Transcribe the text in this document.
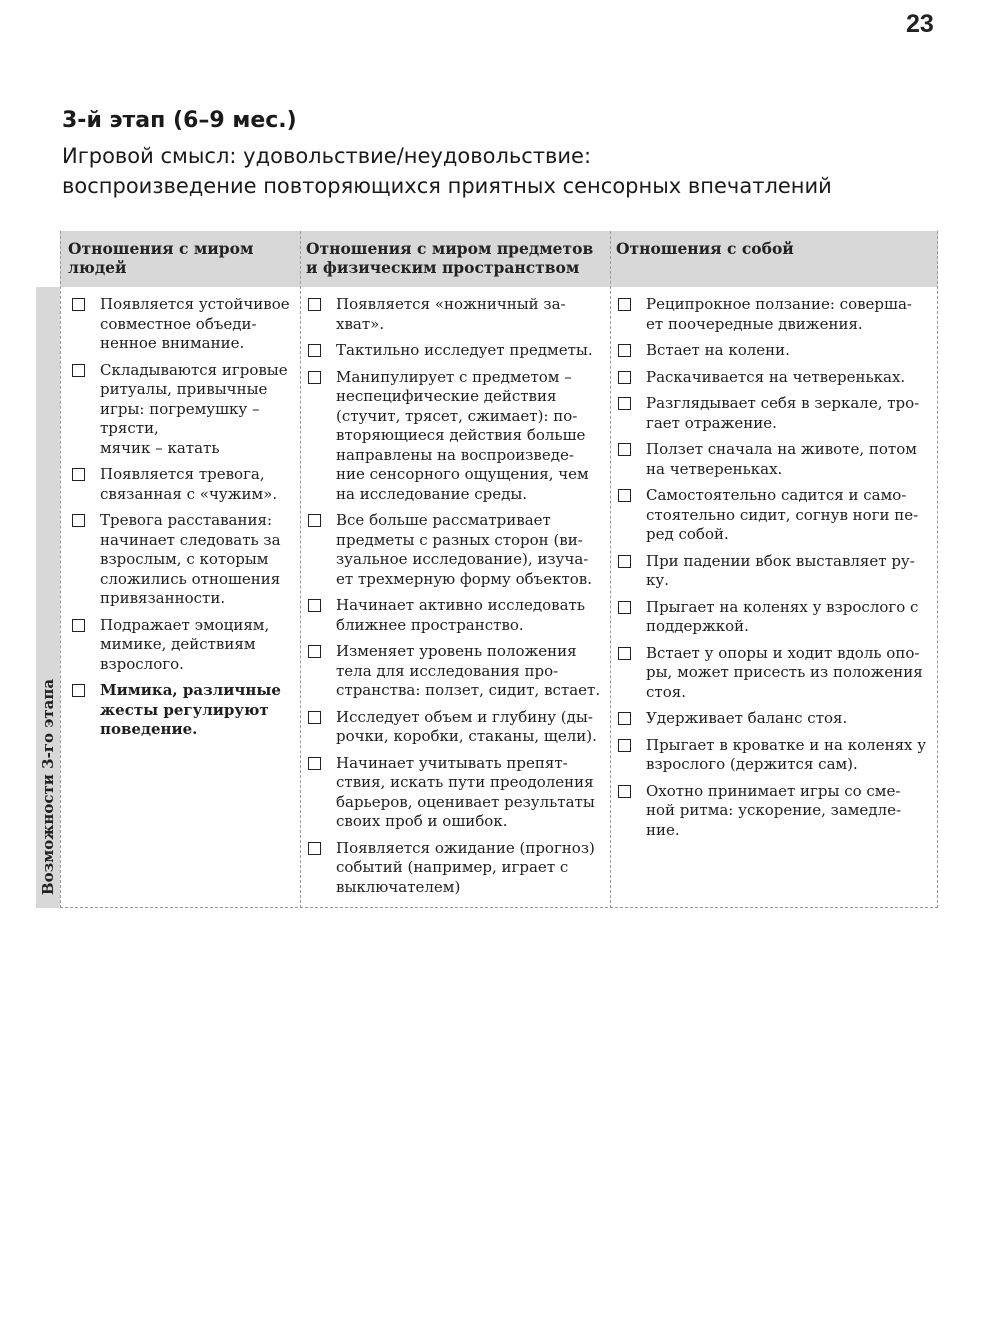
23
3-й этап (6–9 мес.)
Игровой смысл: удовольствие/неудовольствие:
воспроизведение повторяющихся приятных сенсорных впечатлений
Возможности 3-го этапа
Отношения с миром
людей
Отношения с миром предметов
и физическим пространством
Отношения с собой
Появляется устойчивое
совместное объеди-
ненное внимание.
Складываются игровые
ритуалы, привычные
игры: погремушку –
трясти,
мячик – катать
Появляется тревога,
связанная с «чужим».
Тревога расставания:
начинает следовать за
взрослым, с которым
сложились отношения
привязанности.
Подражает эмоциям,
мимике, действиям
взрослого.
Мимика, различные
жесты регулируют
поведение.
Появляется «ножничный за-
хват».
Тактильно исследует предметы.
Манипулирует с предметом –
неспецифические действия
(стучит, трясет, сжимает): по-
вторяющиеся действия больше
направлены на воспроизведе-
ние сенсорного ощущения, чем
на исследование среды.
Все больше рассматривает
предметы с разных сторон (ви-
зуальное исследование), изуча-
ет трехмерную форму объектов.
Начинает активно исследовать
ближнее пространство.
Изменяет уровень положения
тела для исследования про-
странства: ползет, сидит, встает.
Исследует объем и глубину (ды-
рочки, коробки, стаканы, щели).
Начинает учитывать препят-
ствия, искать пути преодоления
барьеров, оценивает результаты
своих проб и ошибок.
Появляется ожидание (прогноз)
событий (например, играет с
выключателем)
Реципрокное ползание: соверша-
ет поочередные движения.
Встает на колени.
Раскачивается на четвереньках.
Разглядывает себя в зеркале, тро-
гает отражение.
Ползет сначала на животе, потом
на четвереньках.
Самостоятельно садится и само-
стоятельно сидит, согнув ноги пе-
ред собой.
При падении вбок выставляет ру-
ку.
Прыгает на коленях у взрослого с
поддержкой.
Встает у опоры и ходит вдоль опо-
ры, может присесть из положения
стоя.
Удерживает баланс стоя.
Прыгает в кроватке и на коленях у
взрослого (держится сам).
Охотно принимает игры со сме-
ной ритма: ускорение, замедле-
ние.
